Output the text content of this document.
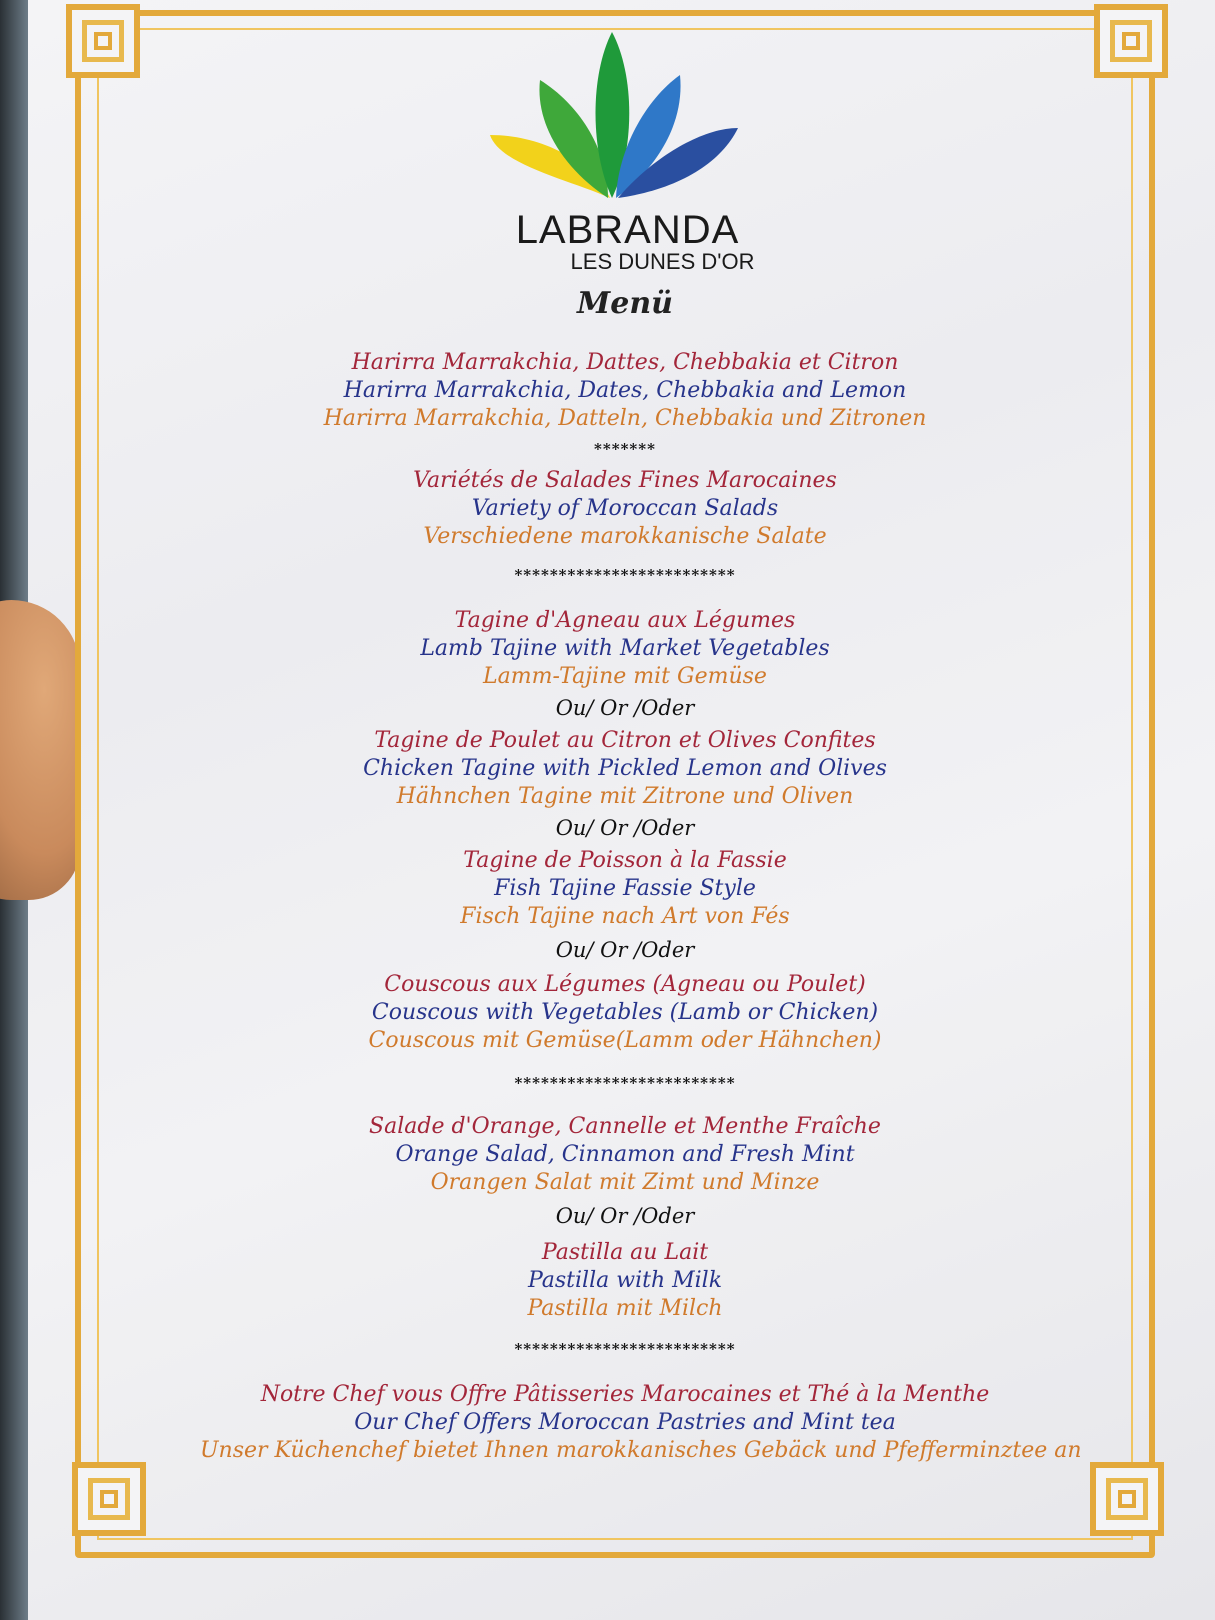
LABRANDA
LES DUNES D'OR
Menü
Harirra Marrakchia, Dattes, Chebbakia et Citron
Harirra Marrakchia, Dates, Chebbakia and Lemon
Harirra Marrakchia, Datteln, Chebbakia und Zitronen
*******
Variétés de Salades Fines Marocaines
Variety of Moroccan Salads
Verschiedene marokkanische Salate
*************************
Tagine d'Agneau aux Légumes
Lamb Tajine with Market Vegetables
Lamm-Tajine mit Gemüse
Ou/ Or /Oder
Tagine de Poulet au Citron et Olives Confites
Chicken Tagine with Pickled Lemon and Olives
Hähnchen Tagine mit Zitrone und Oliven
Ou/ Or /Oder
Tagine de Poisson à la Fassie
Fish Tajine Fassie Style
Fisch Tajine nach Art von Fés
Ou/ Or /Oder
Couscous aux Légumes (Agneau ou Poulet)
Couscous with Vegetables (Lamb or Chicken)
Couscous mit Gemüse(Lamm oder Hähnchen)
*************************
Salade d'Orange, Cannelle et Menthe Fraîche
Orange Salad, Cinnamon and Fresh Mint
Orangen Salat mit Zimt und Minze
Ou/ Or /Oder
Pastilla au Lait
Pastilla with Milk
Pastilla mit Milch
*************************
Notre Chef vous Offre Pâtisseries Marocaines et Thé à la Menthe
Our Chef Offers Moroccan Pastries and Mint tea
Unser Küchenchef bietet Ihnen marokkanisches Gebäck und Pfefferminztee an
